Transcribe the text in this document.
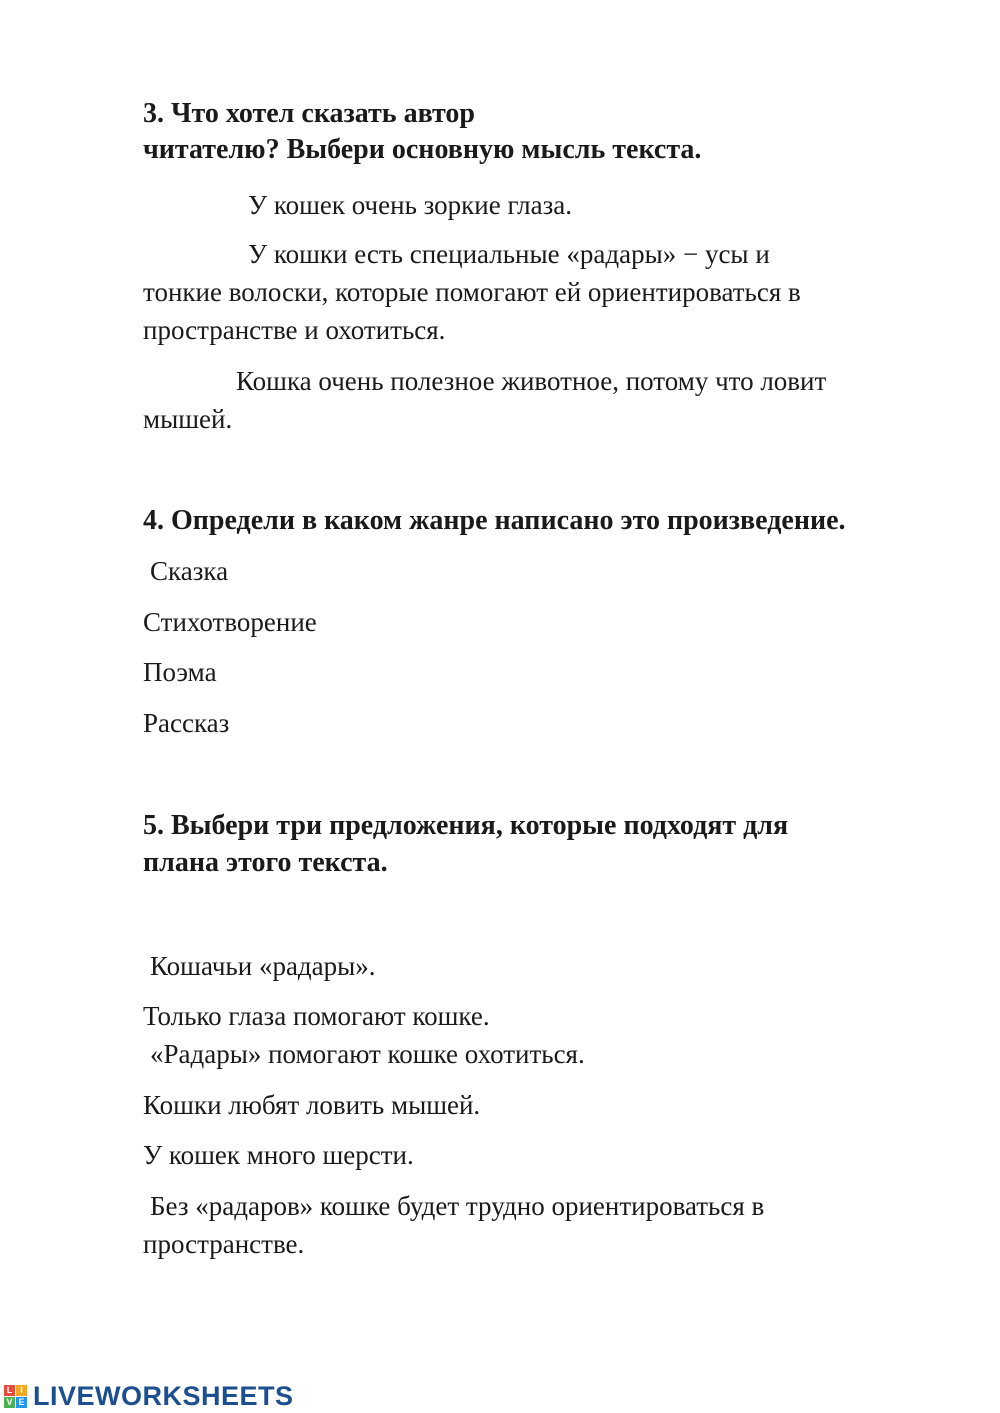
3. Что хотел сказать автор

читателю? Выбери основную мысль текста.

У кошек очень зоркие глаза.

У кошки есть специальные «радары» − усы и

тонкие волоски, которые помогают ей ориентироваться в

пространстве и охотиться.

Кошка очень полезное животное, потому что ловит

мышей.

4. Определи в каком жанре написано это произведение.

Сказка

Стихотворение

Поэма

Рассказ

5. Выбери три предложения, которые подходят для

плана этого текста.

Кошачьи «радары».

Только глаза помогают кошке.

«Радары» помогают кошке охотиться.

Кошки любят ловить мышей.

У кошек много шерсти.

Без «радаров» кошке будет трудно ориентироваться в

пространстве.

L I
V E LIVEWORKSHEETS
